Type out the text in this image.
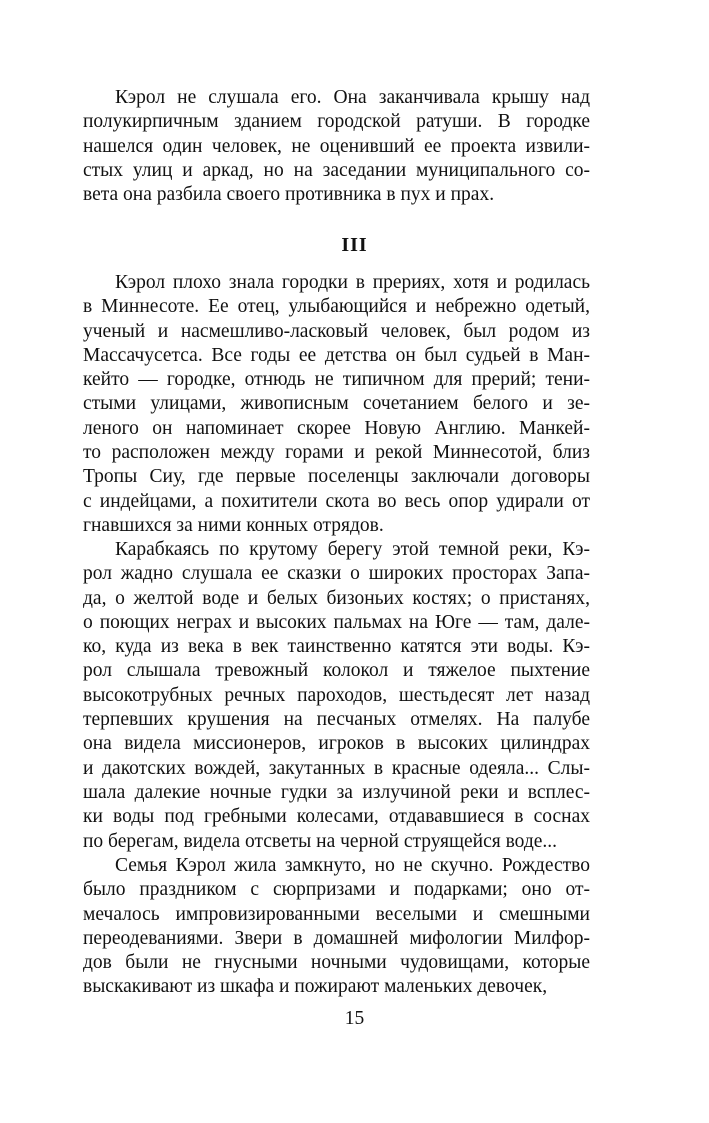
Кэрол не слушала его. Она заканчивала крышу над
полукирпичным зданием городской ратуши. В городке
нашелся один человек, не оценивший ее проекта извили-
стых улиц и аркад, но на заседании муниципального со-
вета она разбила своего противника в пух и прах.
III
Кэрол плохо знала городки в прериях, хотя и родилась
в Миннесоте. Ее отец, улыбающийся и небрежно одетый,
ученый и насмешливо-ласковый человек, был родом из
Массачусетса. Все годы ее детства он был судьей в Ман-
кейто — городке, отнюдь не типичном для прерий; тени-
стыми улицами, живописным сочетанием белого и зе-
леного он напоминает скорее Новую Англию. Манкей-
то расположен между горами и рекой Миннесотой, близ
Тропы Сиу, где первые поселенцы заключали договоры
с индейцами, а похитители скота во весь опор удирали от
гнавшихся за ними конных отрядов.
Карабкаясь по крутому берегу этой темной реки, Кэ-
рол жадно слушала ее сказки о широких просторах Запа-
да, о желтой воде и белых бизоньих костях; о пристанях,
о поющих неграх и высоких пальмах на Юге — там, дале-
ко, куда из века в век таинственно катятся эти воды. Кэ-
рол слышала тревожный колокол и тяжелое пыхтение
высокотрубных речных пароходов, шестьдесят лет назад
терпевших крушения на песчаных отмелях. На палубе
она видела миссионеров, игроков в высоких цилиндрах
и дакотских вождей, закутанных в красные одеяла... Слы-
шала далекие ночные гудки за излучиной реки и всплес-
ки воды под гребными колесами, отдававшиеся в соснах
по берегам, видела отсветы на черной струящейся воде...
Семья Кэрол жила замкнуто, но не скучно. Рождество
было праздником с сюрпризами и подарками; оно от-
мечалось импровизированными веселыми и смешными
переодеваниями. Звери в домашней мифологии Милфор-
дов были не гнусными ночными чудовищами, которые
выскакивают из шкафа и пожирают маленьких девочек,
15
